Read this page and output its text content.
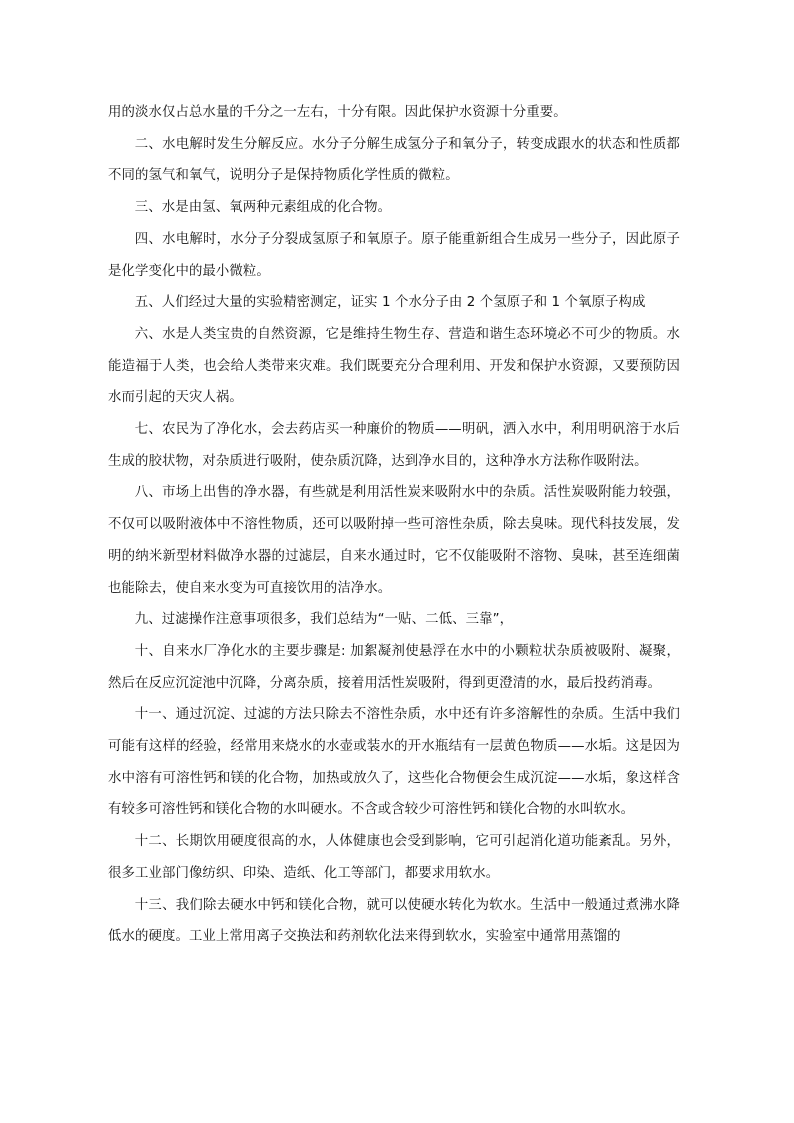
用的淡水仅占总水量的千分之一左右，十分有限。因此保护水资源十分重要。

二、水电解时发生分解反应。水分子分解生成氢分子和氧分子，转变成跟水的状态和性质都不同的氢气和氧气，说明分子是保持物质化学性质的微粒。

三、水是由氢、氧两种元素组成的化合物。

四、水电解时，水分子分裂成氢原子和氧原子。原子能重新组合生成另一些分子，因此原子是化学变化中的最小微粒。

五、人们经过大量的实验精密测定，证实 1 个水分子由 2 个氢原子和 1 个氧原子构成

六、水是人类宝贵的自然资源，它是维持生物生存、营造和谐生态环境必不可少的物质。水能造福于人类，也会给人类带来灾难。我们既要充分合理利用、开发和保护水资源，又要预防因水而引起的天灾人祸。

七、农民为了净化水，会去药店买一种廉价的物质——明矾，洒入水中，利用明矾溶于水后生成的胶状物，对杂质进行吸附，使杂质沉降，达到净水目的，这种净水方法称作吸附法。

八、市场上出售的净水器，有些就是利用活性炭来吸附水中的杂质。活性炭吸附能力较强，不仅可以吸附液体中不溶性物质，还可以吸附掉一些可溶性杂质，除去臭味。现代科技发展，发明的纳米新型材料做净水器的过滤层，自来水通过时，它不仅能吸附不溶物、臭味，甚至连细菌也能除去，使自来水变为可直接饮用的洁净水。

九、过滤操作注意事项很多，我们总结为“一贴、二低、三靠”，

十、自来水厂净化水的主要步骤是: 加絮凝剂使悬浮在水中的小颗粒状杂质被吸附、凝聚，然后在反应沉淀池中沉降，分离杂质，接着用活性炭吸附，得到更澄清的水，最后投药消毒。

十一、通过沉淀、过滤的方法只除去不溶性杂质，水中还有许多溶解性的杂质。生活中我们可能有这样的经验，经常用来烧水的水壶或装水的开水瓶结有一层黄色物质——水垢。这是因为水中溶有可溶性钙和镁的化合物，加热或放久了，这些化合物便会生成沉淀——水垢，象这样含有较多可溶性钙和镁化合物的水叫硬水。不含或含较少可溶性钙和镁化合物的水叫软水。

十二、长期饮用硬度很高的水，人体健康也会受到影响，它可引起消化道功能紊乱。另外，很多工业部门像纺织、印染、造纸、化工等部门，都要求用软水。

十三、我们除去硬水中钙和镁化合物，就可以使硬水转化为软水。生活中一般通过煮沸水降低水的硬度。工业上常用离子交换法和药剂软化法来得到软水，实验室中通常用蒸馏的
